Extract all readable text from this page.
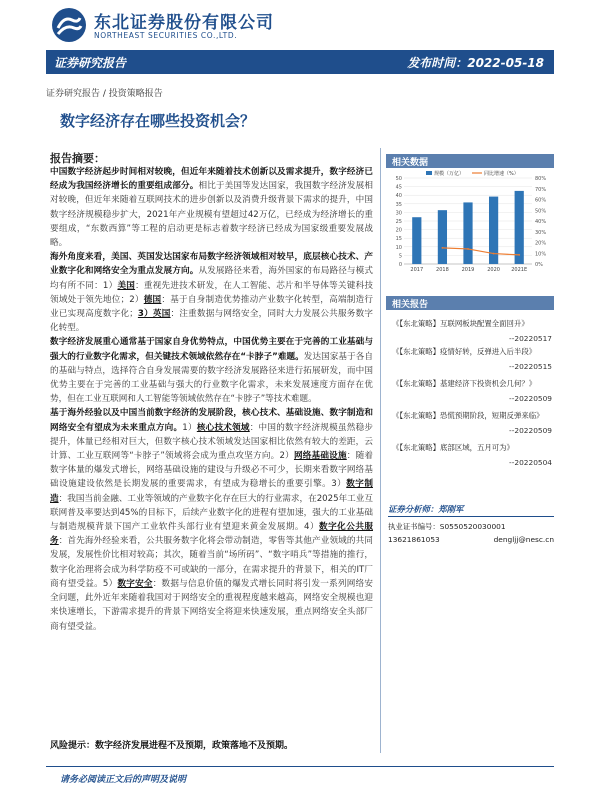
东北证券股份有限公司
NORTHEAST SECURITIES CO.,LTD.
证券研究报告	发布时间：2022-05-18
证券研究报告 / 投资策略报告
数字经济存在哪些投资机会？
报告摘要：

中国数字经济起步时间相对较晚，但近年来随着技术创新以及需求提升，数字经济已经成为我国经济增长的重要组成部分。相比于美国等发达国家，我国数字经济发展相对较晚，但近年来随着互联网技术的进步创新以及消费升级背景下需求的提升，中国数字经济规模稳步扩大，2021年产业规模有望超过42万亿，已经成为经济增长的重要组成，“东数西算”等工程的启动更是标志着数字经济已经成为国家级重要发展战略。

海外角度来看，美国、英国发达国家布局数字经济领域相对较早，底层核心技术、产业数字化和网络安全为重点发展方向。从发展路径来看，海外国家的布局路径与模式均有所不同：1）美国：重视先进技术研发，在人工智能、芯片和半导体等关键科技领域处于领先地位；2）德国：基于自身制造优势推动产业数字化转型，高端制造行业已实现高度数字化；3）英国：注重数据与网络安全，同时大力发展公共服务数字化转型。

数字经济发展重心通常基于国家自身优势特点，中国优势主要在于完善的工业基础与强大的行业数字化需求，但关键技术领域依然存在“卡脖子”难题。发达国家基于各自的基础与特点，选择符合自身发展需要的数字经济发展路径来进行拓展研发，而中国优势主要在于完善的工业基础与强大的行业数字化需求，未来发展速度方面存在优势，但在工业互联网和人工智能等领域依然存在“卡脖子”等技术难题。

基于海外经验以及中国当前数字经济的发展阶段，核心技术、基础设施、数字制造和网络安全有望成为未来重点方向。1）核心技术领域：中国的数字经济规模虽然稳步提升，体量已经相对巨大，但数字核心技术领域发达国家相比依然有较大的差距，云计算、工业互联网等“卡脖子”领域将会成为重点攻坚方向。2）网络基础设施：随着数字体量的爆发式增长，网络基础设施的建设与升级必不可少，长期来看数字网络基础设施建设依然是长期发展的重要需求，有望成为稳增长的重要引擎。3）数字制造：我国当前金融、工业等领域的产业数字化存在巨大的行业需求，在2025年工业互联网普及率要达到45%的目标下，后续产业数字化的进程有望加速，强大的工业基础与制造规模背景下国产工业软件头部行业有望迎来黄金发展期。4）数字化公共服务：首先海外经验来看，公共服务数字化将会带动制造，零售等其他产业领域的共同发展，发展性价比相对较高；其次，随着当前“场所码”、“数字哨兵”等措施的推行，数字化治理将会成为科学防疫不可或缺的一部分，在需求提升的背景下，相关的IT厂商有望受益。5）数字安全：数据与信息价值的爆发式增长同时将引发一系列网络安全问题，此外近年来随着我国对于网络安全的重视程度越来越高，网络安全规模也迎来快速增长，下游需求提升的背景下网络安全将迎来快速发展，重点网络安全头部厂商有望受益。

风险提示：数字经济发展进程不及预期，政策落地不及预期。
请务必阅读正文后的声明及说明
相关数据
0
5
10
15
20
25
30
35
40
45
50
0%
10%
20%
30%
40%
50%
60%
70%
80%
2017	2018	2019	2020 2021E
规模（万亿）	同比增速（%）
相关报告
《【东北策略】互联网板块配置全面回升》
--20220517
《【东北策略】疫情好转，反弹进入后半段》
--20220515
《【东北策略】基建经济下投资机会几何？》
--20220509
《【东北策略】恐慌预期阶段，短期反弹来临》
--20220509
《【东北策略】底部区域，五月可为》
--20220504
证券分析师：郑刚军
执业证书编号：S0550520030001
13621861053	dengljj@nesc.cn
